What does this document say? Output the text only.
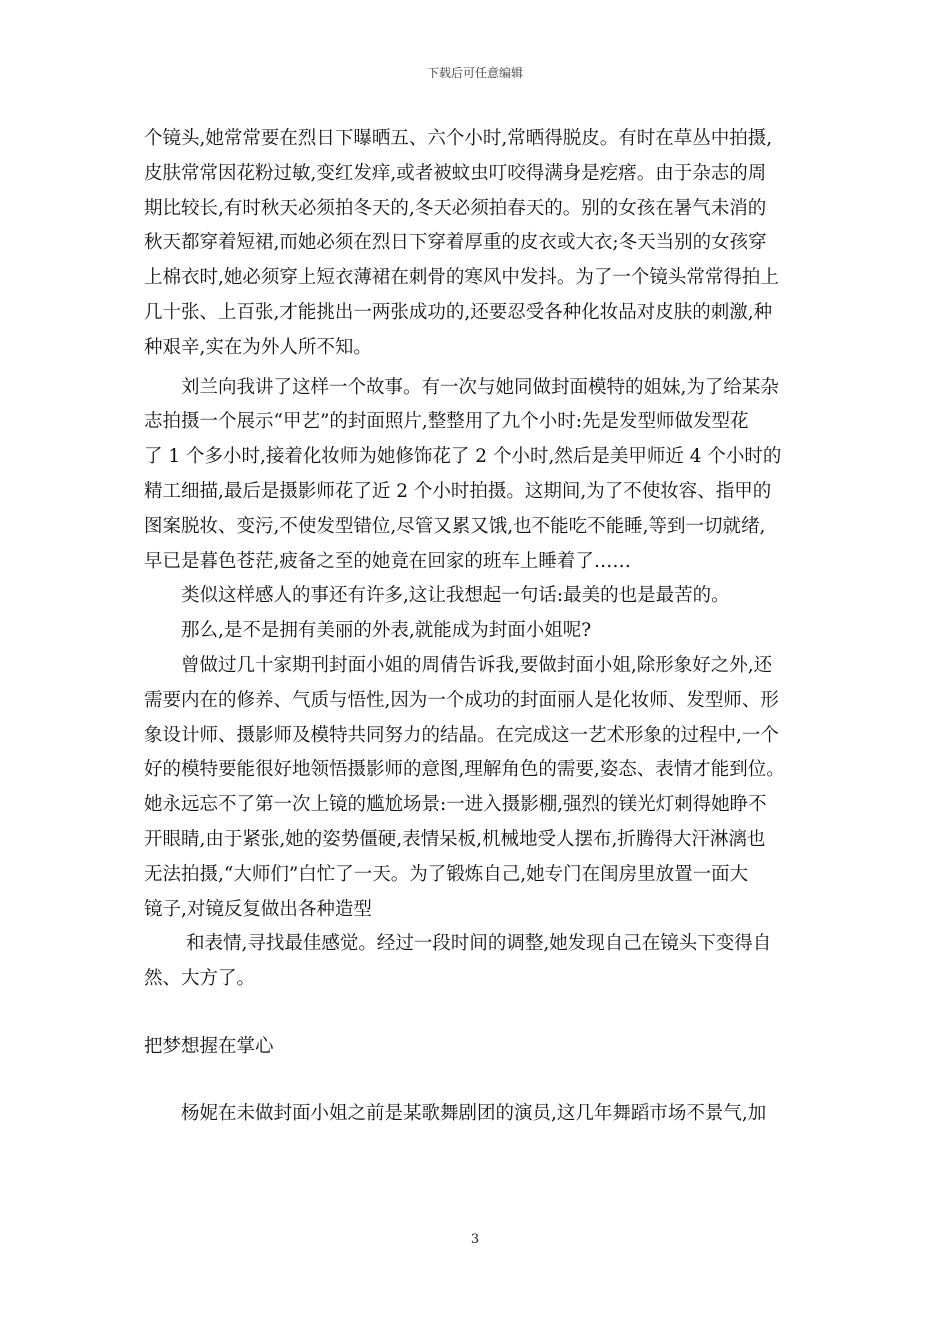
下载后可任意编辑
个镜头,她常常要在烈日下曝晒五、六个小时,常晒得脱皮。有时在草丛中拍摄,
皮肤常常因花粉过敏,变红发痒,或者被蚊虫叮咬得满身是疙瘩。由于杂志的周
期比较长,有时秋天必须拍冬天的,冬天必须拍春天的。别的女孩在暑气未消的
秋天都穿着短裙,而她必须在烈日下穿着厚重的皮衣或大衣;冬天当别的女孩穿
上棉衣时,她必须穿上短衣薄裙在刺骨的寒风中发抖。为了一个镜头常常得拍上
几十张、上百张,才能挑出一两张成功的,还要忍受各种化妆品对皮肤的刺激,种
种艰辛,实在为外人所不知。
刘兰向我讲了这样一个故事。有一次与她同做封面模特的姐妹,为了给某杂
志拍摄一个展示“甲艺”的封面照片,整整用了九个小时:先是发型师做发型花
了 1 个多小时,接着化妆师为她修饰花了 2 个小时,然后是美甲师近 4 个小时的
精工细描,最后是摄影师花了近 2 个小时拍摄。这期间,为了不使妆容、指甲的
图案脱妆、变污,不使发型错位,尽管又累又饿,也不能吃不能睡,等到一切就绪,
早已是暮色苍茫,疲备之至的她竟在回家的班车上睡着了……
类似这样感人的事还有许多,这让我想起一句话:最美的也是最苦的。
那么,是不是拥有美丽的外表,就能成为封面小姐呢?
曾做过几十家期刊封面小姐的周倩告诉我,要做封面小姐,除形象好之外,还
需要内在的修养、气质与悟性,因为一个成功的封面丽人是化妆师、发型师、形
象设计师、摄影师及模特共同努力的结晶。在完成这一艺术形象的过程中,一个
好的模特要能很好地领悟摄影师的意图,理解角色的需要,姿态、表情才能到位。
她永远忘不了第一次上镜的尴尬场景:一进入摄影棚,强烈的镁光灯刺得她睁不
开眼睛,由于紧张,她的姿势僵硬,表情呆板,机械地受人摆布,折腾得大汗淋漓也
无法拍摄,“大师们”白忙了一天。为了锻炼自己,她专门在闺房里放置一面大
镜子,对镜反复做出各种造型
和表情,寻找最佳感觉。经过一段时间的调整,她发现自己在镜头下变得自
然、大方了。
把梦想握在掌心
杨妮在未做封面小姐之前是某歌舞剧团的演员,这几年舞蹈市场不景气,加
3
